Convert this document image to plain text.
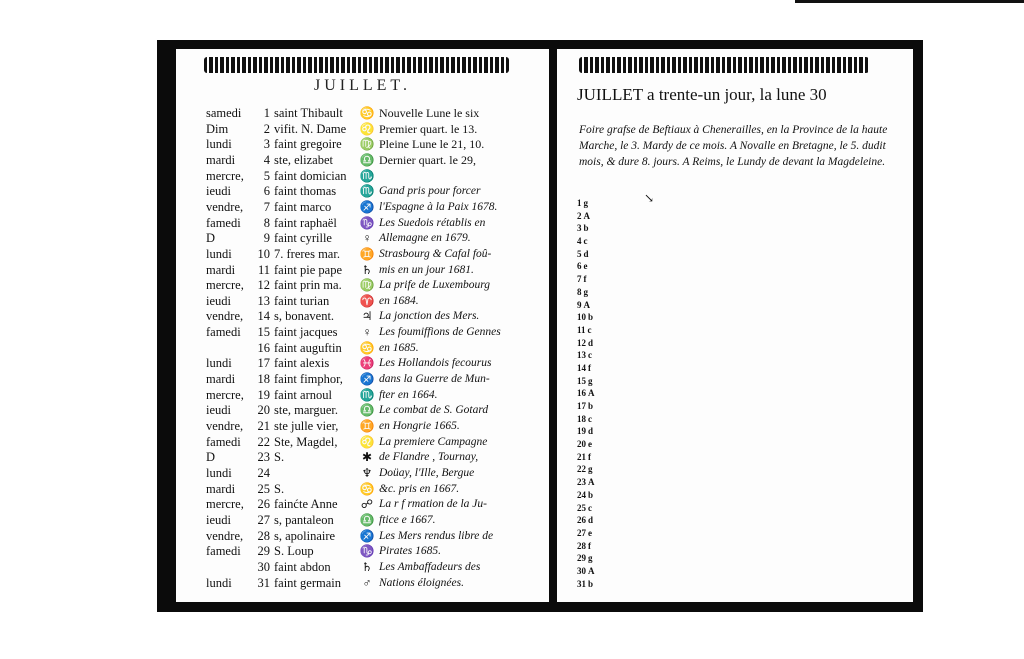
JUILLET.
samedi	1 saint Thibault	♋ Nouvelle Lune le six
Dim	2 vifit. N. Dame	♌ Premier quart. le 13.
lundi	3 faint gregoire	♍ Pleine Lune le 21, 10.
mardi	4 ste, elizabet	♎ Dernier quart. le 29,
mercre,	5 faint domician	♏
ieudi	6 faint thomas	♏ Gand pris pour forcer
vendre,	7 faint marco	♐ l'Espagne à la Paix 1678.
famedi	8 faint raphaël	♑ Les Suedois rétablis en
D	9 faint cyrille	♀ Allemagne en 1679.
lundi	10 7. freres mar.	♊ Strasbourg & Cafal foû-
mardi	11 faint pie pape	♄ mis en un jour 1681.
mercre,	12 faint prin ma.	♍ La prife de Luxembourg
ieudi	13 faint turian	♈ en 1684.
vendre,	14 s, bonavent.	♃ La jonction des Mers.
famedi	15 faint jacques	♀ Les foumiffions de Gennes
16 faint auguftin	♋ en 1685.
lundi	17 faint alexis	♓ Les Hollandois fecourus
mardi	18 faint fimphor,	♐ dans la Guerre de Mun-
mercre,	19 faint arnoul	♏ fter en 1664.
ieudi	20 ste, marguer.	♎ Le combat de S. Gotard
vendre,	21 ste julle vier,	♊ en Hongrie 1665.
famedi	22 Ste, Magdel,	♌ La premiere Campagne
D	23 S.	✱ de Flandre , Tournay,
lundi	24	♆ Doüay, l'Ille, Bergue
mardi	25 S.	♋ &c. pris en 1667.
mercre,	26 fainćte Anne	☍ La r f rmation de la Ju-
ieudi	27 s, pantaleon	♎ ftice e 1667.
vendre,	28 s, apolinaire	♐ Les Mers rendus libre de
famedi	29 S. Loup	♑ Pirates 1685.
30 faint abdon	♄ Les Ambaffadeurs des
lundi	31 faint germain	♂ Nations éloignées.
JUILLET a trente-un jour, la lune 30
Foire grafse de Beftiaux à Chenerailles, en la Province de la haute Marche, le 3. Mardy de ce mois. A Novalle en Bretagne, le 5. dudit mois, & dure 8. jours. A Reims, le Lundy de devant la Magdeleine.
↘
1 g
2 A
3 b
4 c
5 d
6 e
7 f
8 g
9 A
10 b
11 c
12 d
13 c
14 f
15 g
16 A
17 b
18 c
19 d
20 e
21 f
22 g
23 A
24 b
25 c
26 d
27 e
28 f
29 g
30 A
31 b
